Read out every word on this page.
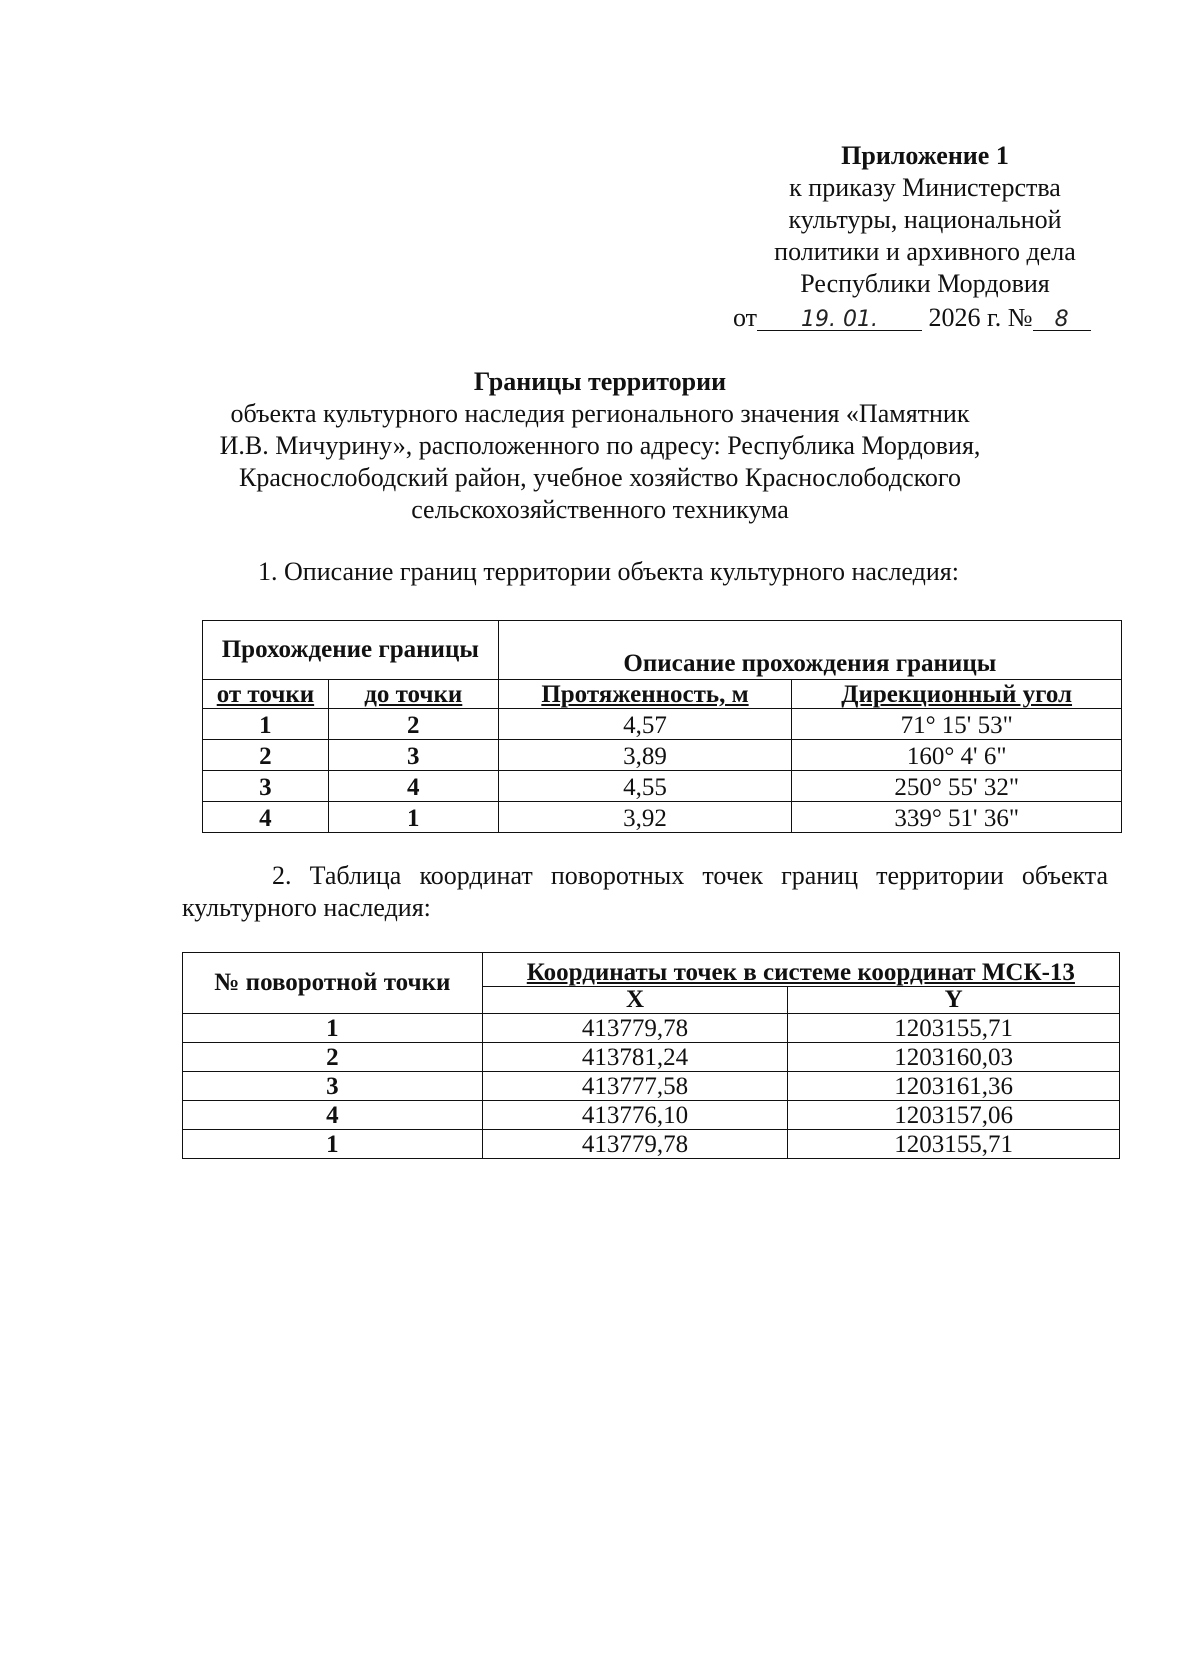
Приложение 1
к приказу Министерства
культуры, национальной
политики и архивного дела
Республики Мордовия
от 19. 01. 2026 г. № 8
Границы территории
объекта культурного наследия регионального значения «Памятник
И.В. Мичурину», расположенного по адресу: Республика Мордовия,
Краснослободский район, учебное хозяйство Краснослободского
сельскохозяйственного техникума
1. Описание границ территории объекта культурного наследия:
Прохождение границы		Описание прохождения границы	
от точки	до точки	Протяженность, м	Дирекционный угол
1	2	4,57	71° 15' 53"
2	3	3,89	160° 4' 6"
3	4	4,55	250° 55' 32"
4	1	3,92	339° 51' 36"
2. Таблица координат поворотных точек границ территории объекта культурного наследия:
№ поворотной точки	Координаты точек в системе координат МСК-13	
	X	Y
1	413779,78	1203155,71
2	413781,24	1203160,03
3	413777,58	1203161,36
4	413776,10	1203157,06
1	413779,78	1203155,71
